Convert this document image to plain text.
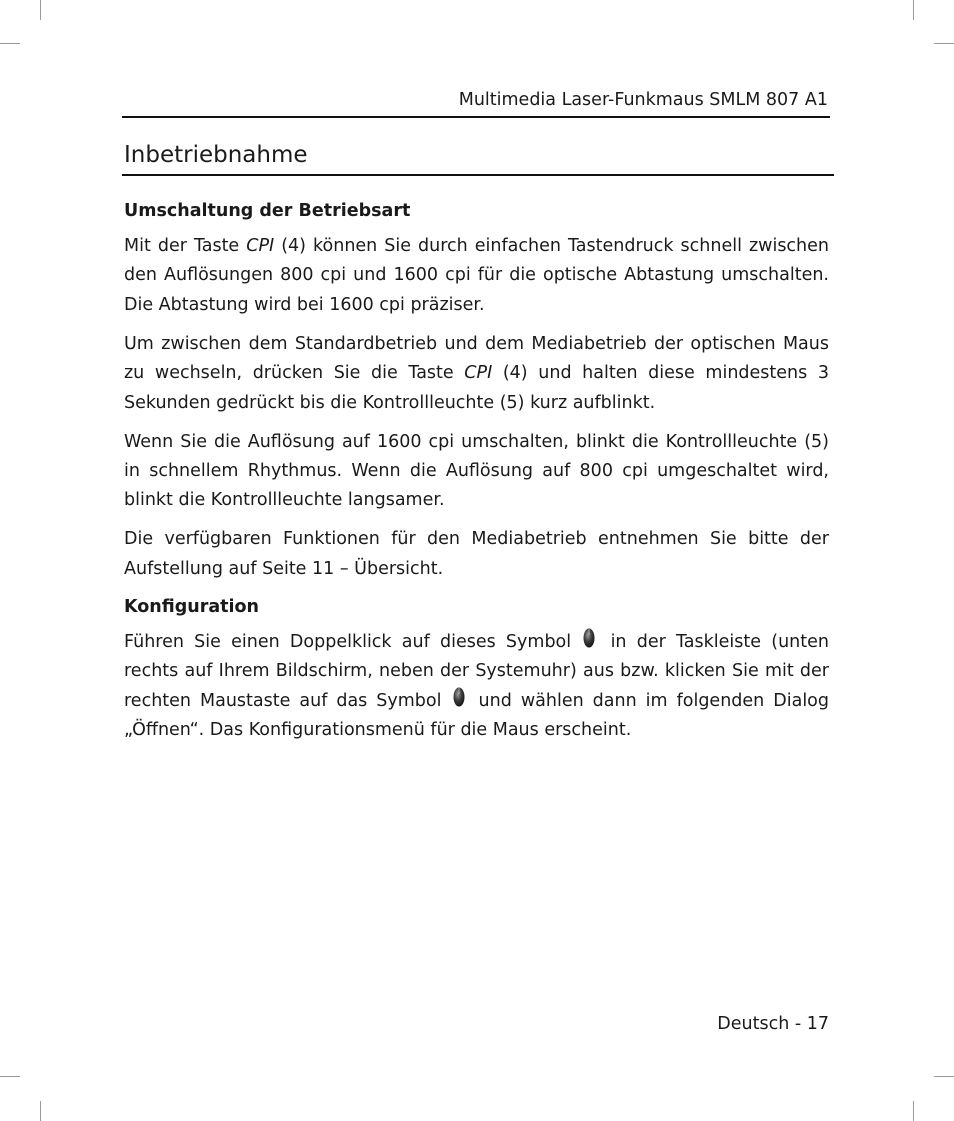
Multimedia Laser-Funkmaus SMLM 807 A1
Inbetriebnahme
Umschaltung der Betriebsart

Mit der Taste CPI (4) können Sie durch einfachen Tastendruck schnell zwischen den Auflösungen 800 cpi und 1600 cpi für die optische Abtastung umschalten. Die Abtastung wird bei 1600 cpi präziser.

Um zwischen dem Standardbetrieb und dem Mediabetrieb der optischen Maus zu wechseln, drücken Sie die Taste CPI (4) und halten diese mindestens 3 Sekunden gedrückt bis die Kontrollleuchte (5) kurz aufblinkt.

Wenn Sie die Auflösung auf 1600 cpi umschalten, blinkt die Kontrollleuchte (5) in schnellem Rhythmus. Wenn die Auflösung auf 800 cpi umgeschaltet wird, blinkt die Kontrollleuchte langsamer.

Die verfügbaren Funktionen für den Mediabetrieb entnehmen Sie bitte der Aufstellung auf Seite 11 – Übersicht.

Konfiguration

Führen Sie einen Doppelklick auf dieses Symbol in der Taskleiste (unten rechts auf Ihrem Bildschirm, neben der Systemuhr) aus bzw. klicken Sie mit der rechten Maustaste auf das Symbol und wählen dann im folgenden Dialog „Öffnen“. Das Konfigurationsmenü für die Maus erscheint.

Deutsch - 17
